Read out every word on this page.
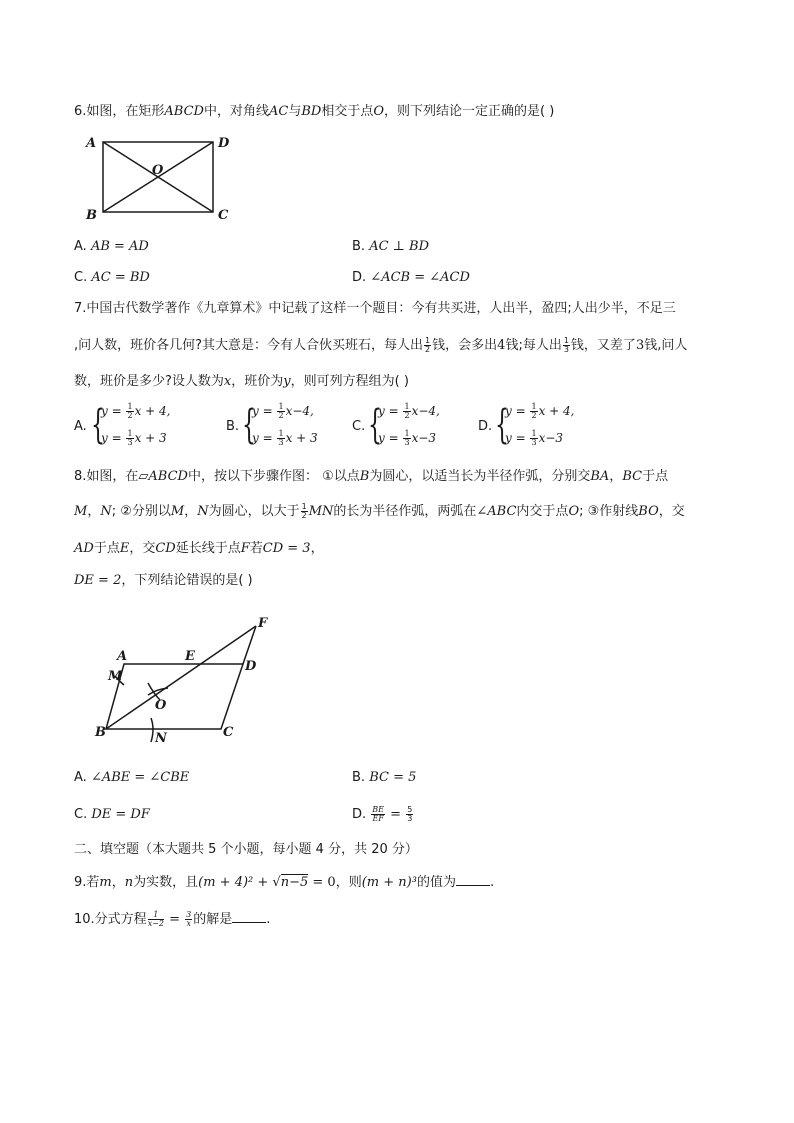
6.如图，在矩形ABCD中，对角线AC与BD相交于点O，则下列结论一定正确的是( )
A
B	C
D
O
A. AB = AD	B. AC ⊥ BD
C. AC = BD	D. ∠ACB = ∠ACD
7.中国古代数学著作《九章算术》中记载了这样一个题目：今有共买进，人出半，盈四;人出少半，不足三
,问人数，班价各几何?其大意是：今有人合伙买班石，每人出 $\frac{1}{2}$ 钱，会多出4钱;每人出 $\frac{1}{3}$ 钱，又差了3钱,问人
数，班价是多少?设人数为x，班价为y，则可列方程组为( )
A. {
$y = \frac{1}{2}$ x + 4,
$y = \frac{1}{3}$ x + 3
B. {
$y = \frac{1}{2} x-4$,
$y = \frac{1}{3}$ x + 3
C. {
$y = \frac{1}{2} x-4$,
$y = \frac{1}{3} x-3$
D. {
$y = \frac{1}{2}$ x + 4,
$y = \frac{1}{3} x-3$
8.如图，在▱ABCD中，按以下步骤作图： ①以点B为圆心，以适当长为半径作弧，分别交BA，BC于点
M，N; ②分别以M，N为圆心，以大于 $\frac{1}{2}$ MN的长为半径作弧，两弧在∠ABC内交于点O; ③作射线BO，交
AD于点E，交CD延长线于点F若CD = 3，
DE = 2，下列结论错误的是( )
A	E
D
F
M
O
B	N	C
A. ∠ABE = ∠CBE	B. BC = 5
C. DE = DF	D. $\frac{BE}{EF} = \frac{5}{3}$
二、填空题（本大题共 5 个小题，每小题 4 分，共 20 分）
9.若m，n为实数，且(m + 4)² + √n−5 = 0，则(m + n)³的值为	.
10.分式方程 $\frac{1}{x-2} = \frac{3}{x}$ 的解是	.
